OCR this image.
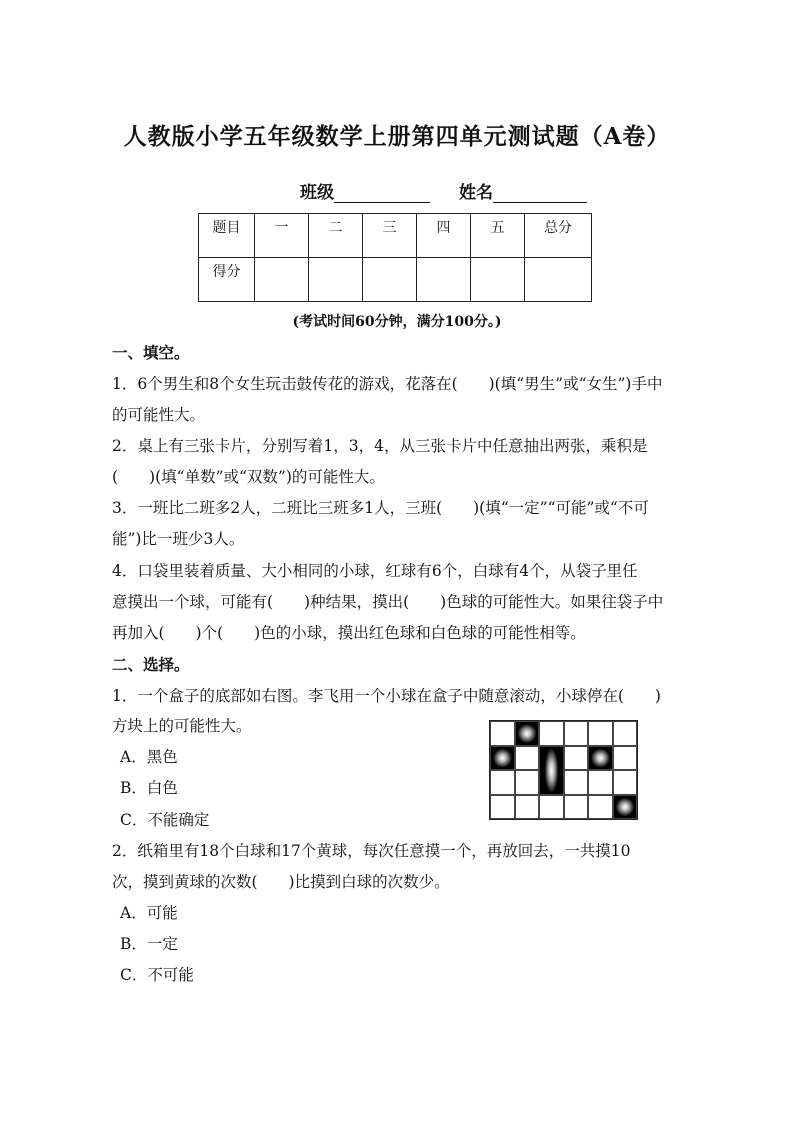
人教版小学五年级数学上册第四单元测试题（A卷）
班级	姓名
题目	一	二	三	四	五	总分
得分						
(考试时间60分钟，满分100分。)
一、填空。
1．6个男生和8个女生玩击鼓传花的游戏，花落在(　　)(填“男生”或“女生”)手中
的可能性大。
2．桌上有三张卡片，分别写着1，3，4，从三张卡片中任意抽出两张，乘积是
(　　)(填“单数”或“双数”)的可能性大。
3．一班比二班多2人，二班比三班多1人，三班(　　)(填“一定”“可能”或“不可
能”)比一班少3人。
4．口袋里装着质量、大小相同的小球，红球有6个，白球有4个，从袋子里任
意摸出一个球，可能有(　　)种结果，摸出(　　)色球的可能性大。如果往袋子中
再加入(　　)个(　　)色的小球，摸出红色球和白色球的可能性相等。
二、选择。
1．一个盒子的底部如右图。李飞用一个小球在盒子中随意滚动，小球停在(　　)
方块上的可能性大。
A．黑色
B．白色
C．不能确定
2．纸箱里有18个白球和17个黄球，每次任意摸一个，再放回去，一共摸10
次，摸到黄球的次数(　　)比摸到白球的次数少。
A．可能
B．一定
C．不可能
